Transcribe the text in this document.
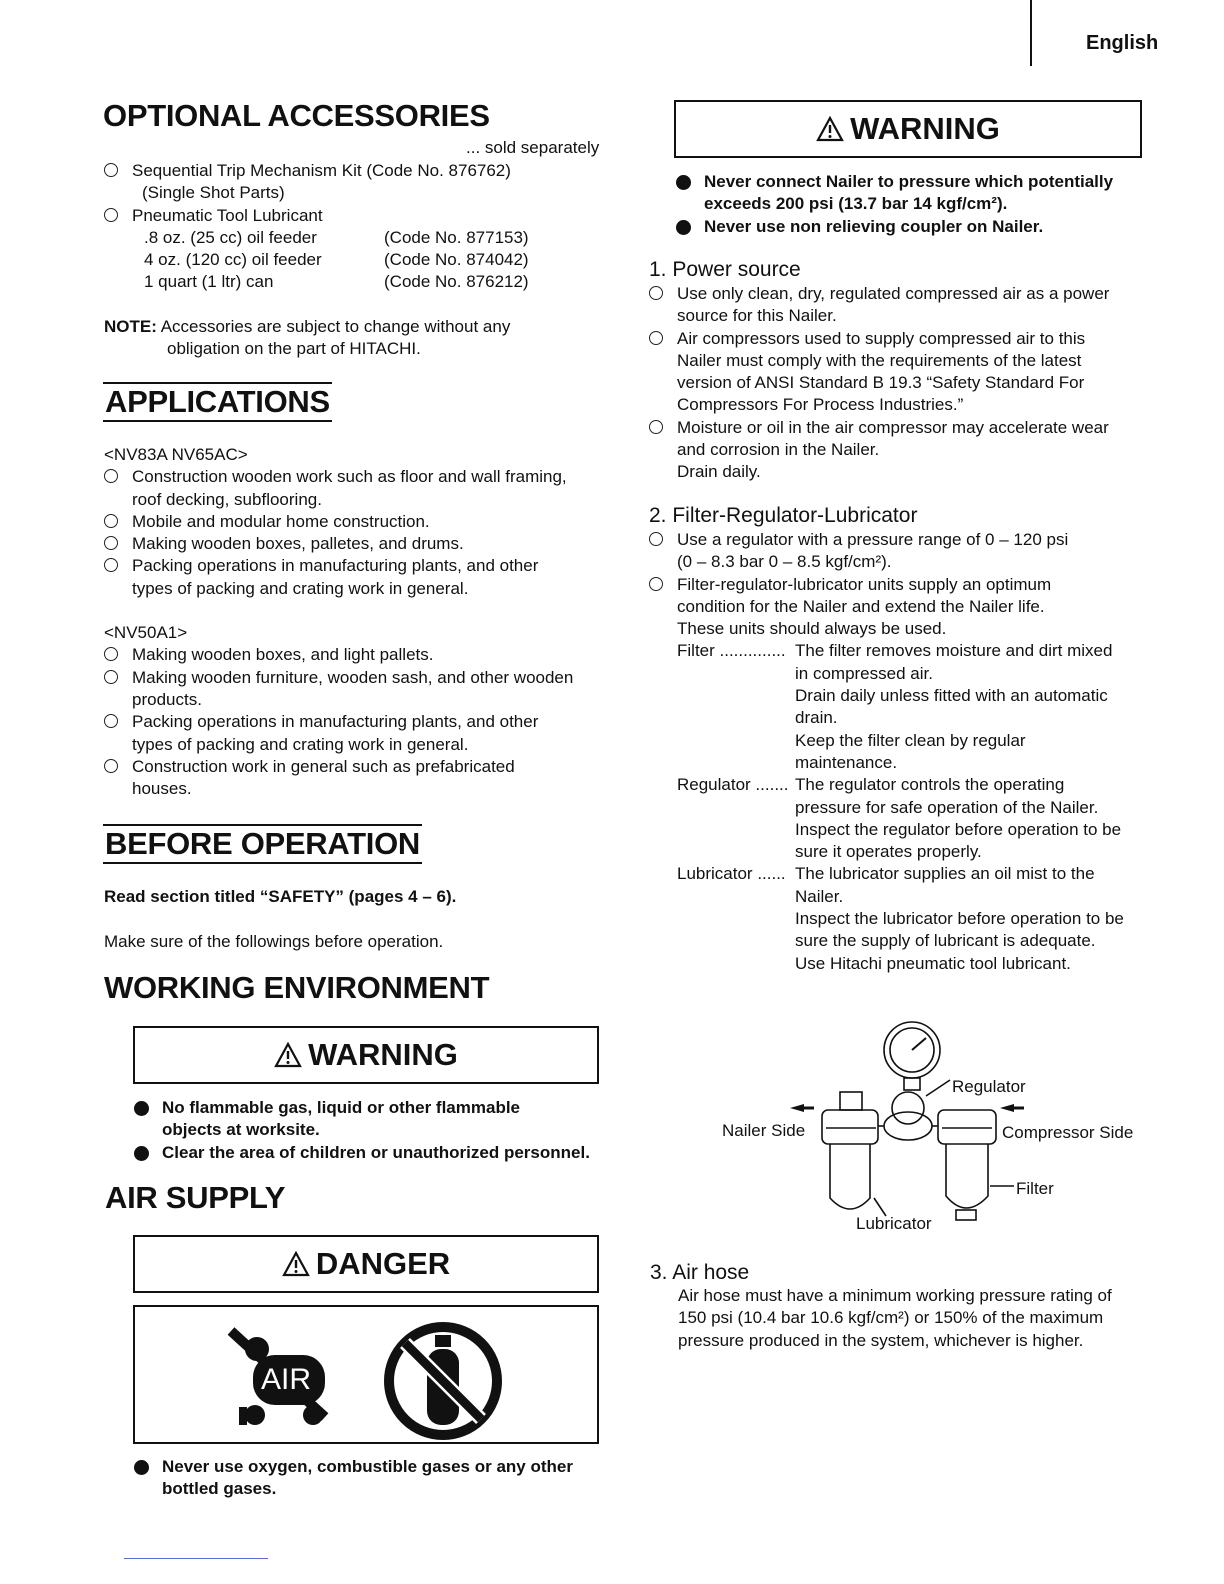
English
OPTIONAL ACCESSORIES
... sold separately
Sequential Trip Mechanism Kit (Code No. 876762)
(Single Shot Parts)
Pneumatic Tool Lubricant
.8 oz. (25 cc) oil feeder	(Code No. 877153)
4 oz. (120 cc) oil feeder	(Code No. 874042)
1 quart (1 ltr) can	(Code No. 876212)
NOTE: Accessories are subject to change without any
obligation on the part of HITACHI.
APPLICATIONS
<NV83A NV65AC>
Construction wooden work such as floor and wall framing,
roof decking, subflooring.
Mobile and modular home construction.
Making wooden boxes, palletes, and drums.
Packing operations in manufacturing plants, and other
types of packing and crating work in general.
<NV50A1>
Making wooden boxes, and light pallets.
Making wooden furniture, wooden sash, and other wooden
products.
Packing operations in manufacturing plants, and other
types of packing and crating work in general.
Construction work in general such as prefabricated
houses.
BEFORE OPERATION
Read section titled “SAFETY” (pages 4 – 6).
Make sure of the followings before operation.
WORKING ENVIRONMENT
WARNING
No flammable gas, liquid or other flammable
objects at worksite.
Clear the area of children or unauthorized personnel.
AIR SUPPLY
DANGER
AIR
Never use oxygen, combustible gases or any other
bottled gases.
WARNING
Never connect Nailer to pressure which potentially
exceeds 200 psi (13.7 bar 14 kgf/cm²).
Never use non relieving coupler on Nailer.
1. Power source
Use only clean, dry, regulated compressed air as a power
source for this Nailer.
Air compressors used to supply compressed air to this
Nailer must comply with the requirements of the latest
version of ANSI Standard B 19.3 “Safety Standard For
Compressors For Process Industries.”
Moisture or oil in the air compressor may accelerate wear
and corrosion in the Nailer.
Drain daily.
2. Filter-Regulator-Lubricator
Use a regulator with a pressure range of 0 – 120 psi
(0 – 8.3 bar 0 – 8.5 kgf/cm²).
Filter-regulator-lubricator units supply an optimum
condition for the Nailer and extend the Nailer life.
These units should always be used.
Filter .............. The filter removes moisture and dirt mixed
in compressed air.
Drain daily unless fitted with an automatic
drain.
Keep the filter clean by regular
maintenance.
Regulator ....... The regulator controls the operating
pressure for safe operation of the Nailer.
Inspect the regulator before operation to be
sure it operates properly.
Lubricator ...... The lubricator supplies an oil mist to the
Nailer.
Inspect the lubricator before operation to be
sure the supply of lubricant is adequate.
Use Hitachi pneumatic tool lubricant.
Regulator
Nailer Side	Compressor Side
Filter
Lubricator
3. Air hose
Air hose must have a minimum working pressure rating of
150 psi (10.4 bar 10.6 kgf/cm²) or 150% of the maximum
pressure produced in the system, whichever is higher.
